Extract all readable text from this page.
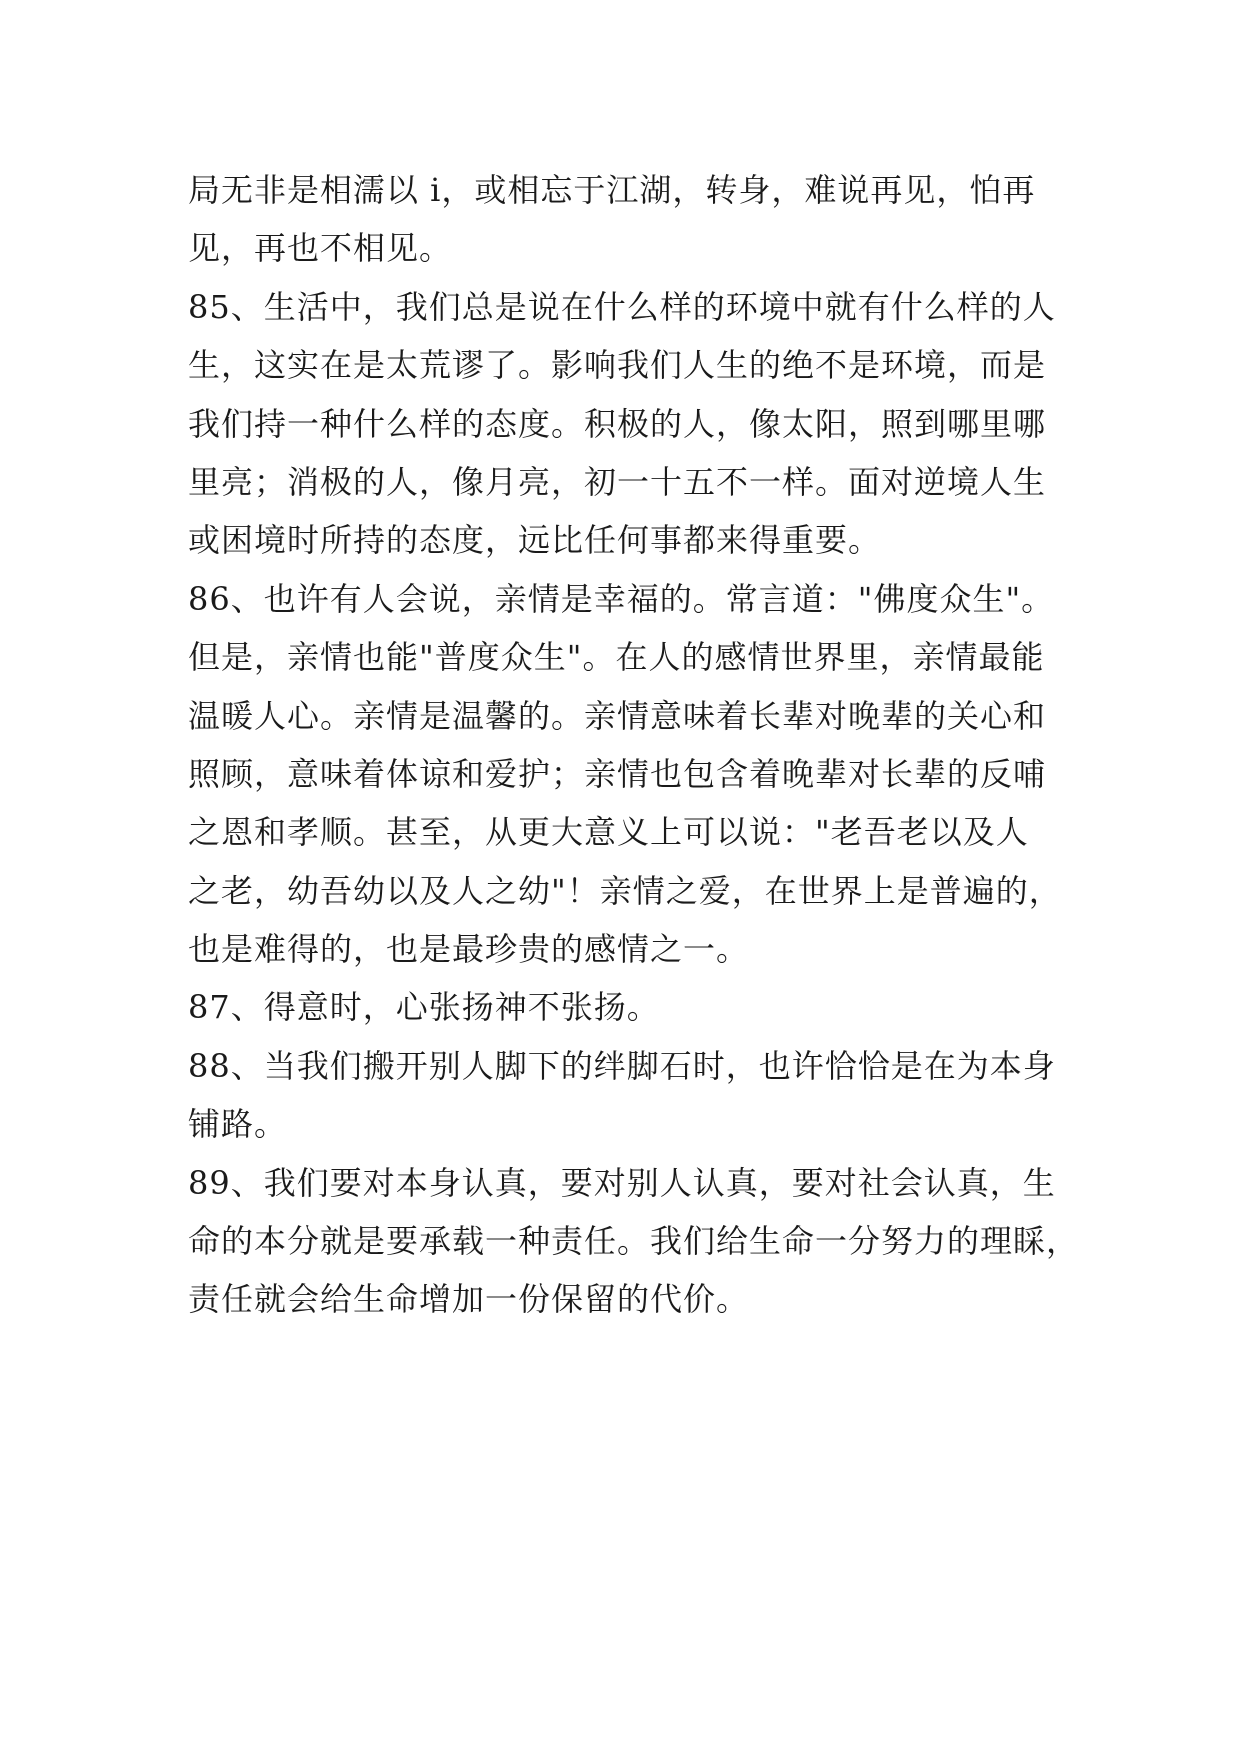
局无非是相濡以 i，或相忘于江湖，转身，难说再见，怕再
见，再也不相见。
85、生活中，我们总是说在什么样的环境中就有什么样的人
生，这实在是太荒谬了。影响我们人生的绝不是环境，而是
我们持一种什么样的态度。积极的人，像太阳，照到哪里哪
里亮；消极的人，像月亮，初一十五不一样。面对逆境人生
或困境时所持的态度，远比任何事都来得重要。
86、也许有人会说，亲情是幸福的。常言道："佛度众生"。
但是，亲情也能"普度众生"。在人的感情世界里，亲情最能
温暖人心。亲情是温馨的。亲情意味着长辈对晚辈的关心和
照顾，意味着体谅和爱护；亲情也包含着晚辈对长辈的反哺
之恩和孝顺。甚至，从更大意义上可以说："老吾老以及人
之老，幼吾幼以及人之幼"！亲情之爱，在世界上是普遍的，
也是难得的，也是最珍贵的感情之一。
87、得意时，心张扬神不张扬。
88、当我们搬开别人脚下的绊脚石时，也许恰恰是在为本身
铺路。
89、我们要对本身认真，要对别人认真，要对社会认真，生
命的本分就是要承载一种责任。我们给生命一分努力的理睬，
责任就会给生命增加一份保留的代价。
